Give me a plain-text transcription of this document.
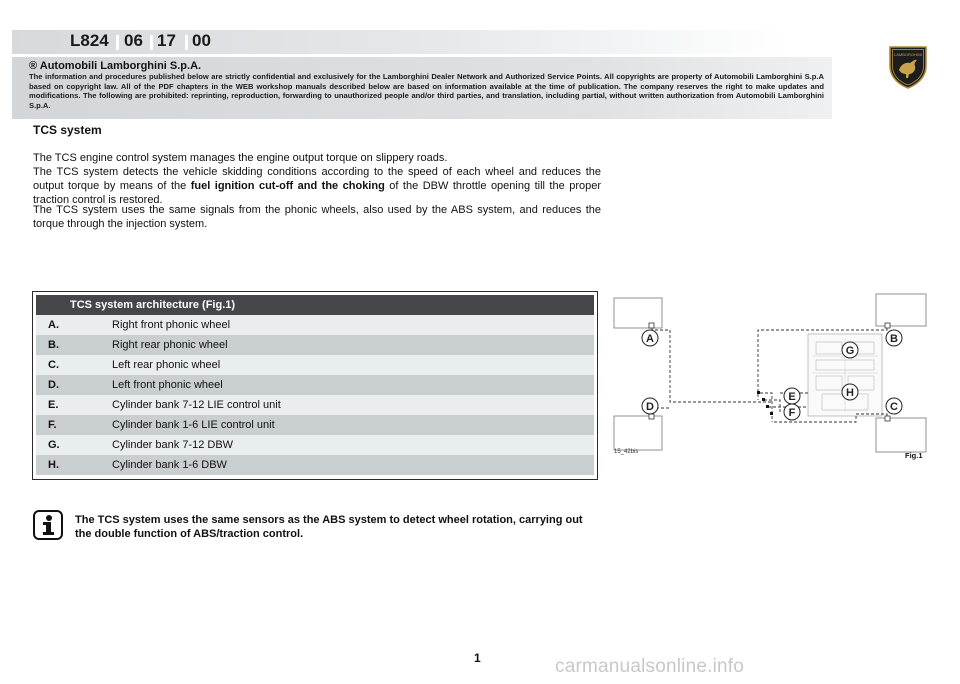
L824 06 17 00
® Automobili Lamborghini S.p.A.
The information and procedures published below are strictly confidential and exclusively for the Lamborghini Dealer Network and Authorized Service Points. All copyrights are property of Automobili Lamborghini S.p.A based on copyright law. All of the PDF chapters in the WEB workshop manuals described below are based on information available at the time of publication. The company reserves the right to make updates and modifications. The following are prohibited: reprinting, reproduction, forwarding to unauthorized people and/or third parties, and translation, including partial, without written authorization from Automobili Lamborghini S.p.A.
LAMBORGHINI
TCS system
The TCS engine control system manages the engine output torque on slippery roads.
The TCS system detects the vehicle skidding conditions according to the speed of each wheel and reduces the output torque by means of the fuel ignition cut-off and the choking of the DBW throttle opening till the proper traction control is restored.
The TCS system uses the same signals from the phonic wheels, also used by the ABS system, and reduces the torque through the injection system.
TCS system architecture (Fig.1)
A.	Right front phonic wheel
B.	Right rear phonic wheel
C.	Left rear phonic wheel
D.	Left front phonic wheel
E.	Cylinder bank 7-12 LIE control unit
F.	Cylinder bank 1-6 LIE control unit
G.	Cylinder bank 7-12 DBW
H.	Cylinder bank 1-6 DBW
The TCS system uses the same sensors as the ABS system to detect wheel rotation, carrying out the double function of ABS/traction control.
A	B
C
D
E
F
G
H
15_42bis	Fig.1
1	carmanualsonline.info
